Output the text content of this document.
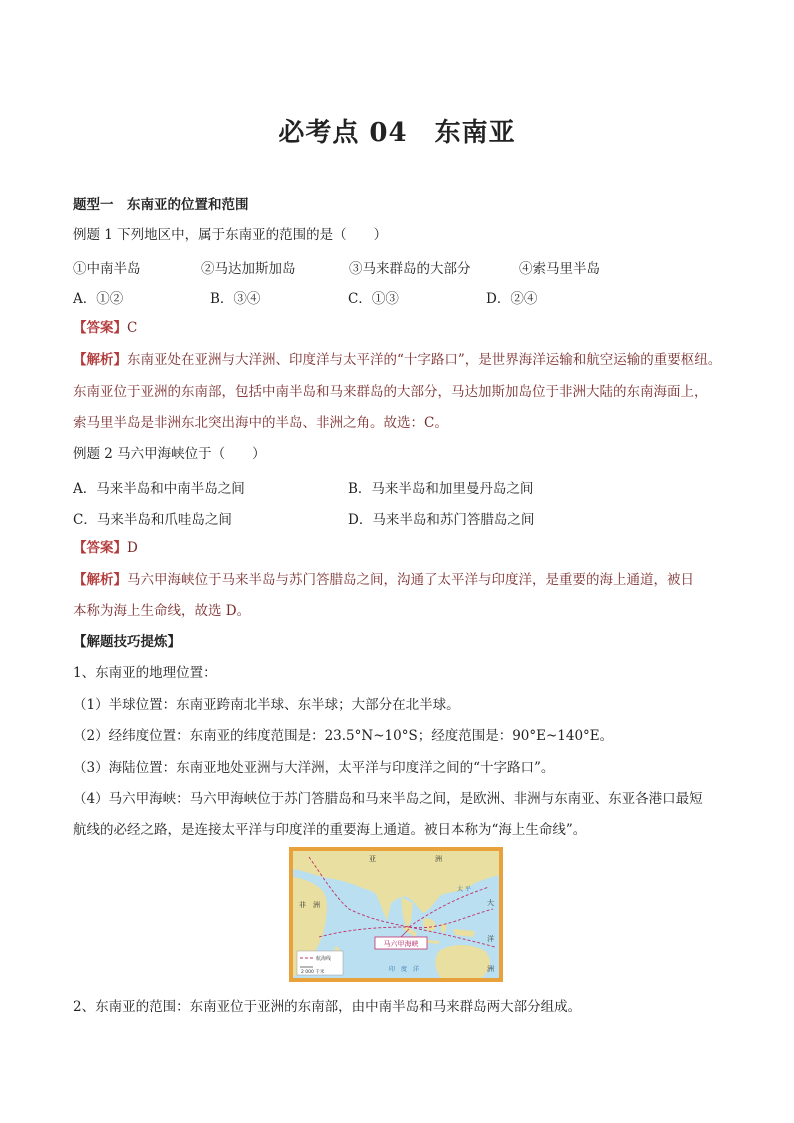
必考点 04　东南亚
题型一　东南亚的位置和范围
例题 1 下列地区中，属于东南亚的范围的是（　　）
①中南半岛	②马达加斯加岛	③马来群岛的大部分	④索马里半岛
A．①②	B．③④	C．①③	D．②④
【答案】C
【解析】东南亚处在亚洲与大洋洲、印度洋与太平洋的“十字路口”，是世界海洋运输和航空运输的重要枢纽。
东南亚位于亚洲的东南部，包括中南半岛和马来群岛的大部分，马达加斯加岛位于非洲大陆的东南海面上，
索马里半岛是非洲东北突出海中的半岛、非洲之角。故选：C。
例题 2 马六甲海峡位于（　　）
A．马来半岛和中南半岛之间	B．马来半岛和加里曼丹岛之间
C．马来半岛和爪哇岛之间	D．马来半岛和苏门答腊岛之间
【答案】D
【解析】马六甲海峡位于马来半岛与苏门答腊岛之间，沟通了太平洋与印度洋，是重要的海上通道，被日
本称为海上生命线，故选 D。
【解题技巧提炼】
1、东南亚的地理位置：
（1）半球位置：东南亚跨南北半球、东半球；大部分在北半球。
（2）经纬度位置：东南亚的纬度范围是：23.5°N~10°S；经度范围是：90°E~140°E。
（3）海陆位置：东南亚地处亚洲与大洋洲，太平洋与印度洋之间的“十字路口”。
（4）马六甲海峡：马六甲海峡位于苏门答腊岛和马来半岛之间，是欧洲、非洲与东南亚、东亚各港口最短
航线的必经之路，是连接太平洋与印度洋的重要海上通道。被日本称为“海上生命线”。
马六甲海峡
亚	洲
非　洲
太 平
大
洋
洲
印　度　洋
航海线
2 000 千米
2、东南亚的范围：东南亚位于亚洲的东南部，由中南半岛和马来群岛两大部分组成。
